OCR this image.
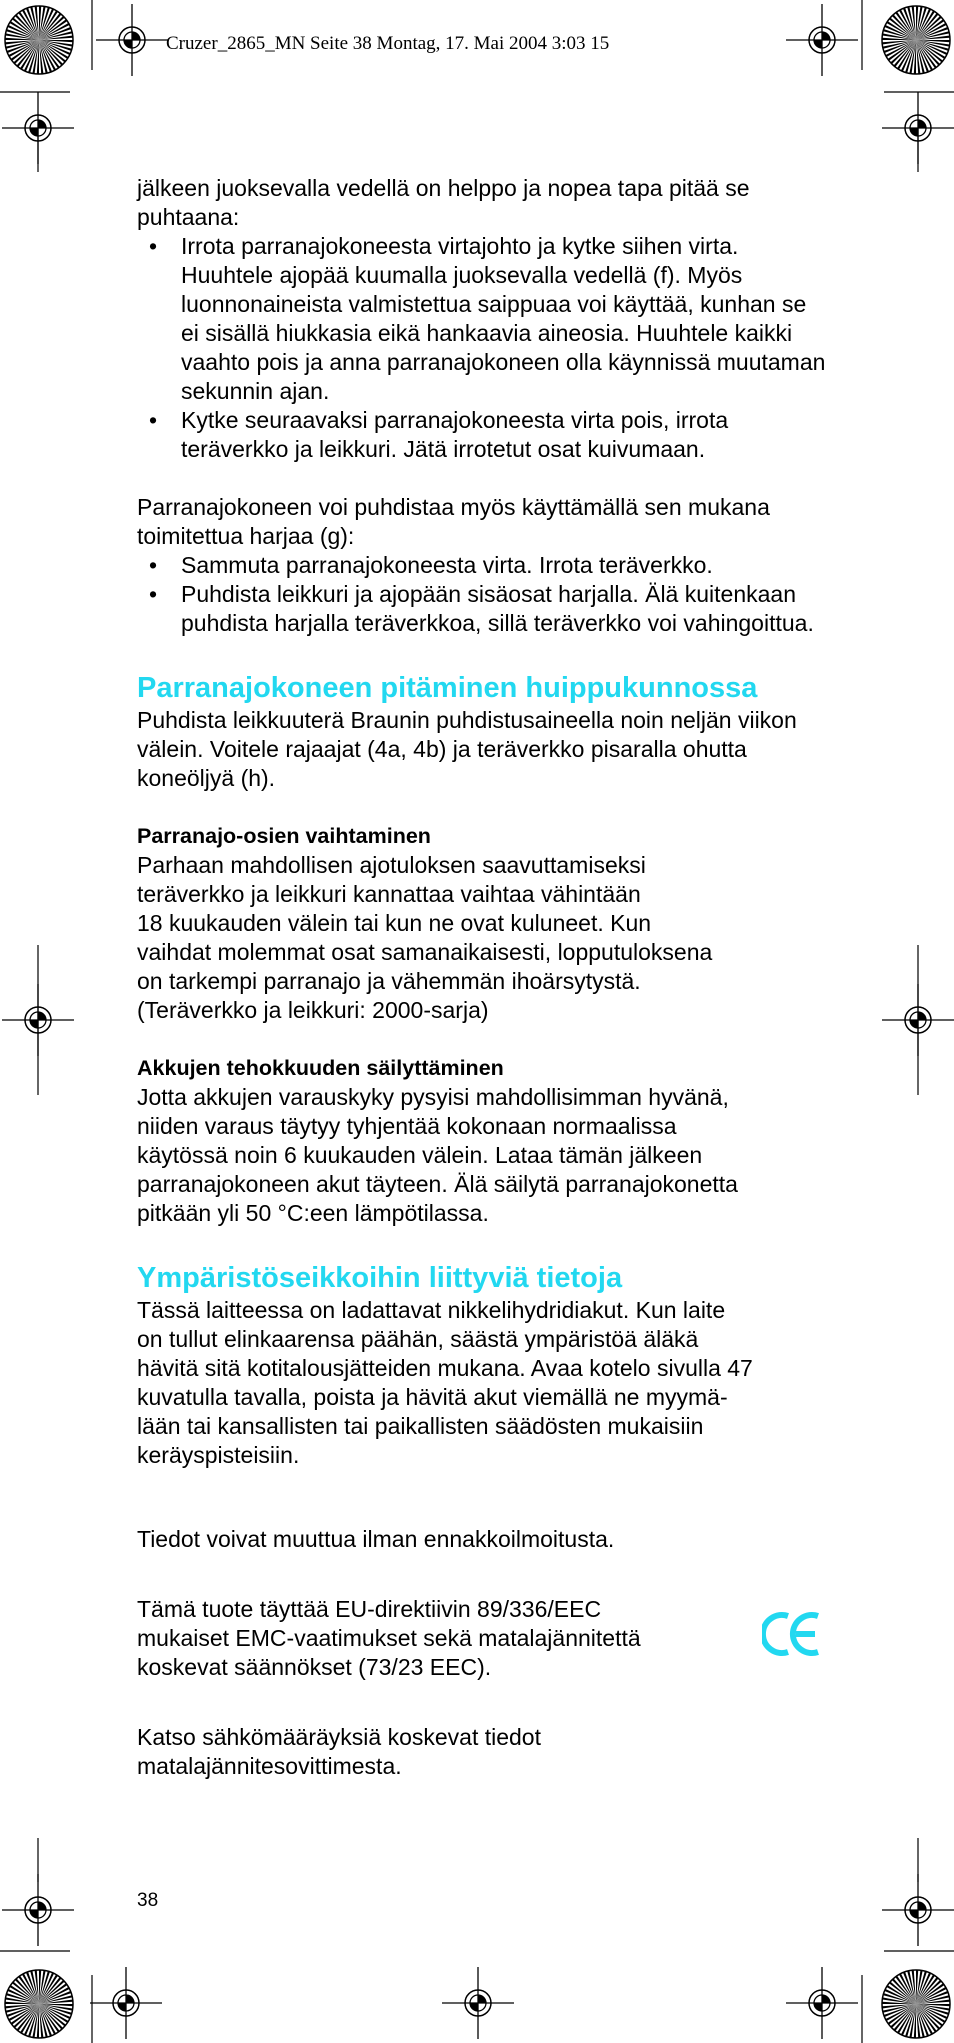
Cruzer_2865_MN Seite 38 Montag, 17. Mai 2004 3:03 15

jälkeen juoksevalla vedellä on helppo ja nopea tapa pitää se puhtaana:

• Irrota parranajokoneesta virtajohto ja kytke siihen virta. Huuhtele ajopää kuumalla juoksevalla vedellä (f). Myös luonnonaineista valmistettua saippuaa voi käyttää, kunhan se ei sisällä hiukkasia eikä hankaavia aineosia. Huuhtele kaikki vaahto pois ja anna parranajokoneen olla käynnissä muutaman sekunnin ajan.
• Kytke seuraavaksi parranajokoneesta virta pois, irrota teräverkko ja leikkuri. Jätä irrotetut osat kuivumaan.

Parranajokoneen voi puhdistaa myös käyttämällä sen mukana toimitettua harjaa (g):

• Sammuta parranajokoneesta virta. Irrota teräverkko.
• Puhdista leikkuri ja ajopään sisäosat harjalla. Älä kuitenkaan puhdista harjalla teräverkkoa, sillä teräverkko voi vahingoittua.
Parranajokoneen pitäminen huippukunnossa

Puhdista leikkuuterä Braunin puhdistusaineella noin neljän viikon välein. Voitele rajaajat (4a, 4b) ja teräverkko pisaralla ohutta koneöljyä (h).

Parranajo-osien vaihtaminen

Parhaan mahdollisen ajotuloksen saavuttamiseksi
teräverkko ja leikkuri kannattaa vaihtaa vähintään
18 kuukauden välein tai kun ne ovat kuluneet. Kun
vaihdat molemmat osat samanaikaisesti, lopputuloksena
on tarkempi parranajo ja vähemmän ihoärsytystä.
(Teräverkko ja leikkuri: 2000-sarja)

Akkujen tehokkuuden säilyttäminen

Jotta akkujen varauskyky pysyisi mahdollisimman hyvänä,
niiden varaus täytyy tyhjentää kokonaan normaalissa
käytössä noin 6 kuukauden välein. Lataa tämän jälkeen
parranajokoneen akut täyteen. Älä säilytä parranajokonetta
pitkään yli 50 °C:een lämpötilassa.

Ympäristöseikkoihin liittyviä tietoja

Tässä laitteessa on ladattavat nikkelihydridiakut. Kun laite
on tullut elinkaarensa päähän, säästä ympäristöä äläkä
hävitä sitä kotitalousjätteiden mukana. Avaa kotelo sivulla 47
kuvatulla tavalla, poista ja hävitä akut viemällä ne myymä-
lään tai kansallisten tai paikallisten säädösten mukaisiin
keräyspisteisiin.

Tiedot voivat muuttua ilman ennakkoilmoitusta.

Tämä tuote täyttää EU-direktiivin 89/336/EEC
mukaiset EMC-vaatimukset sekä matalajännitettä
koskevat säännökset (73/23 EEC).

Katso sähkömääräyksiä koskevat tiedot
matalajännitesovittimesta.

38
